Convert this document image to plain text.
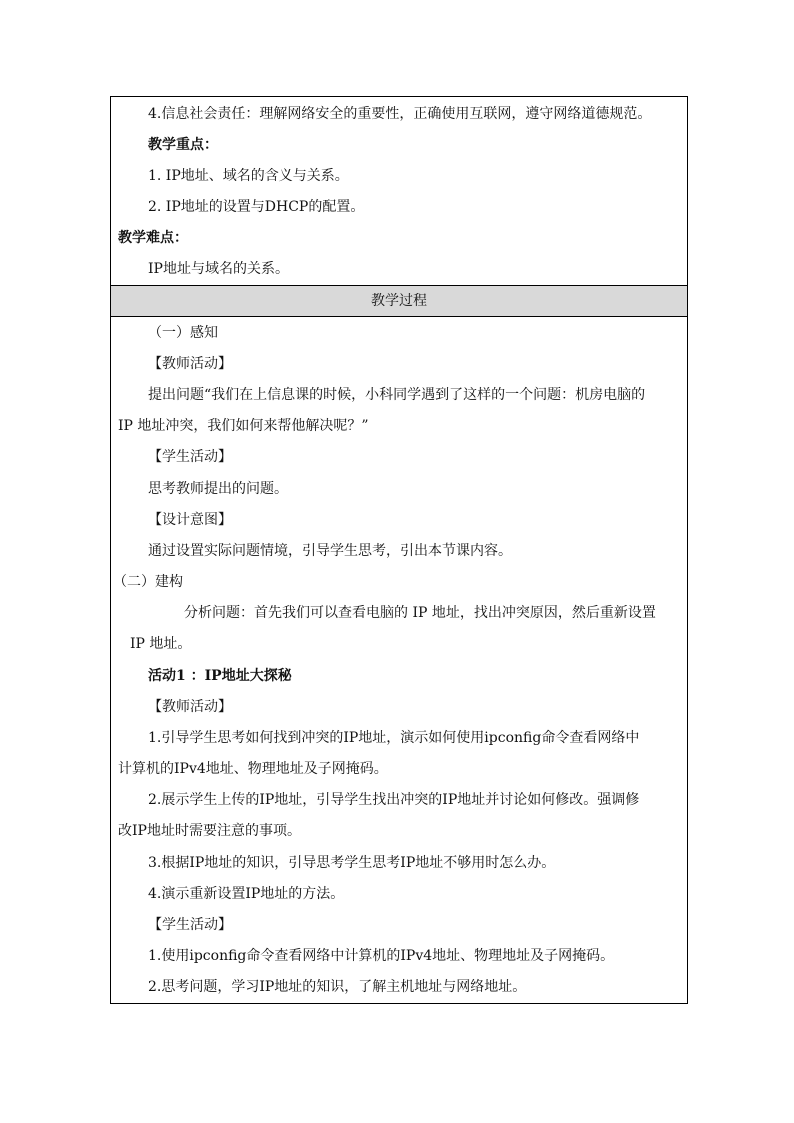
教学过程
4.信息社会责任：理解网络安全的重要性，正确使用互联网，遵守网络道德规范。
教学重点：
1. IP地址、域名的含义与关系。
2. IP地址的设置与DHCP的配置。
教学难点：
IP地址与域名的关系。
（一）感知
【教师活动】
提出问题“我们在上信息课的时候，小科同学遇到了这样的一个问题：机房电脑的
IP 地址冲突，我们如何来帮他解决呢？”
【学生活动】
思考教师提出的问题。
【设计意图】
通过设置实际问题情境，引导学生思考，引出本节课内容。
（二）建构
分析问题：首先我们可以查看电脑的 IP 地址，找出冲突原因，然后重新设置
IP 地址。
活动1 ：IP地址大探秘
【教师活动】
1.引导学生思考如何找到冲突的IP地址，演示如何使用ipconfig命令查看网络中
计算机的IPv4地址、物理地址及子网掩码。
2.展示学生上传的IP地址，引导学生找出冲突的IP地址并讨论如何修改。强调修
改IP地址时需要注意的事项。
3.根据IP地址的知识，引导思考学生思考IP地址不够用时怎么办。
4.演示重新设置IP地址的方法。
【学生活动】
1.使用ipconfig命令查看网络中计算机的IPv4地址、物理地址及子网掩码。
2.思考问题，学习IP地址的知识，了解主机地址与网络地址。
